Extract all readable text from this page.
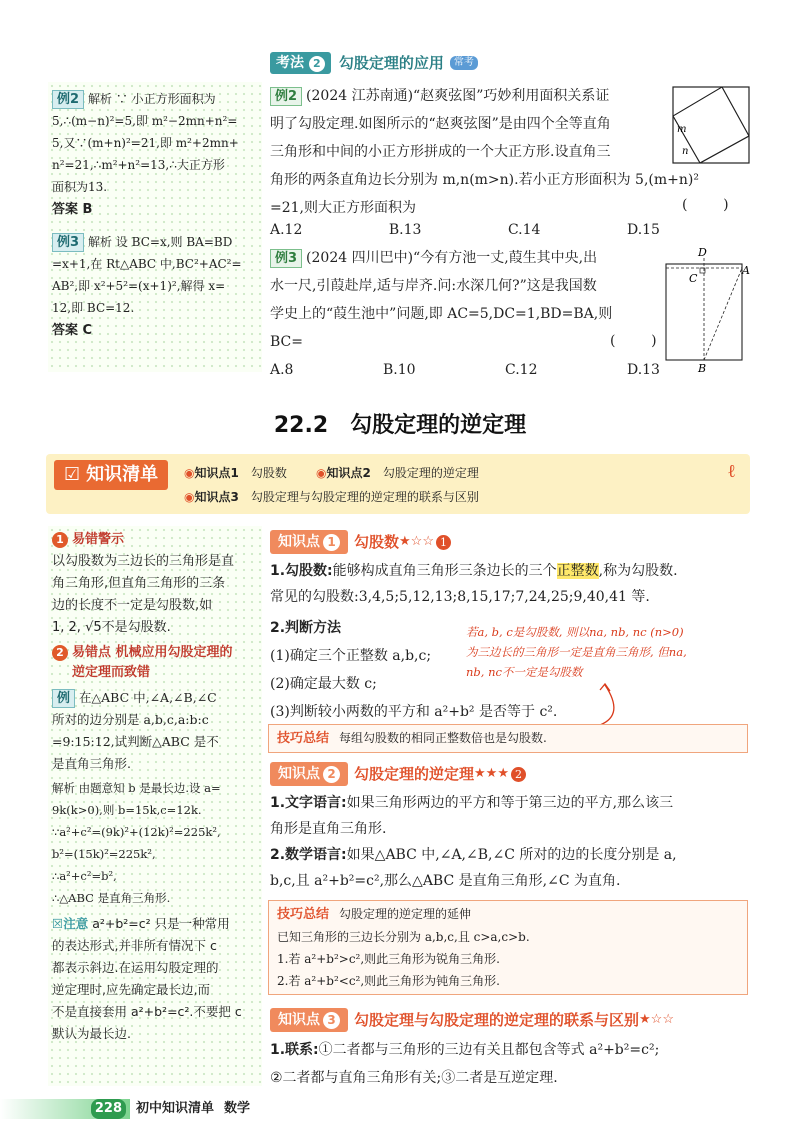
例2 解析 ∵ 小正方形面积为
5,∴(m−n)²=5,即 m²−2mn+n²=
5,又∵(m+n)²=21,即 m²+2mn+
n²=21,∴m²+n²=13,∴大正方形
面积为13.
答案 B
例3 解析 设 BC=x,则 BA=BD
=x+1,在 Rt△ABC 中,BC²+AC²=
AB²,即 x²+5²=(x+1)²,解得 x=
12,即 BC=12.
答案 C
考法 2	勾股定理的应用	常考
例2 (2024 江苏南通)“赵爽弦图”巧妙利用面积关系证
明了勾股定理.如图所示的“赵爽弦图”是由四个全等直角
三角形和中间的小正方形拼成的一个大正方形.设直角三
角形的两条直角边长分别为 m,n(m>n).若小正方形面积为 5,(m+n)²
=21,则大正方形面积为	(        )
A.12	B.13	C.14	D.15
m
n
例3 (2024 四川巴中)“今有方池一丈,葭生其中央,出
水一尺,引葭赴岸,适与岸齐.问:水深几何?”这是我国数
学史上的“葭生池中”问题,即 AC=5,DC=1,BD=BA,则
BC=	(        )
A.8	B.10	C.12	D.13
D
A
C
B
22.2　勾股定理的逆定理
☑ 知识清单 ◉知识点1　 勾股数 ◉知识点2　 勾股定理的逆定理
◉知识点3　 勾股定理与勾股定理的逆定理的联系与区别
ℓ
1 易错警示
以勾股数为三边长的三角形是直
角三角形,但直角三角形的三条
边的长度不一定是勾股数,如
1, 2, √5不是勾股数.
2 易错点 机械应用勾股定理的
逆定理而致错
例 在△ABC 中,∠A,∠B,∠C
所对的边分别是 a,b,c,a:b:c
=9:15:12,试判断△ABC 是不
是直角三角形.
解析 由题意知 b 是最长边.设 a=
9k(k>0),则 b=15k,c=12k.
∵a²+c²=(9k)²+(12k)²=225k²,
b²=(15k)²=225k²,
∴a²+c²=b²,
∴△ABC 是直角三角形.
☒注意 a²+b²=c² 只是一种常用
的表达形式,并非所有情况下 c
都表示斜边.在运用勾股定理的
逆定理时,应先确定最长边,而
不是直接套用 a²+b²=c².不要把 c
默认为最长边.
知识点 1	勾股数 ★☆☆ 1
1.勾股数:能够构成直角三角形三条边长的三个正整数,称为勾股数.
常见的勾股数:3,4,5;5,12,13;8,15,17;7,24,25;9,40,41 等.
2.判断方法
(1)确定三个正整数 a,b,c;
(2)确定最大数 c;
(3)判断较小两数的平方和 a²+b² 是否等于 c².
若a, b, c是勾股数, 则以na, nb, nc (n>0)
为三边长的三角形一定是直角三角形, 但na,
nb, nc不一定是勾股数
技巧总结 每组勾股数的相同正整数倍也是勾股数.
知识点 2	勾股定理的逆定理 ★★★ 2
1.文字语言:如果三角形两边的平方和等于第三边的平方,那么该三
角形是直角三角形.
2.数学语言:如果△ABC 中,∠A,∠B,∠C 所对的边的长度分别是 a,
b,c,且 a²+b²=c²,那么△ABC 是直角三角形,∠C 为直角.
技巧总结 勾股定理的逆定理的延伸
已知三角形的三边长分别为 a,b,c,且 c>a,c>b.
1.若 a²+b²>c²,则此三角形为锐角三角形.
2.若 a²+b²<c²,则此三角形为钝角三角形.
知识点 3	勾股定理与勾股定理的逆定理的联系与区别 ★☆☆
1.联系:①二者都与三角形的三边有关且都包含等式 a²+b²=c²;
②二者都与直角三角形有关;③二者是互逆定理.
228	初中知识清单 数学
